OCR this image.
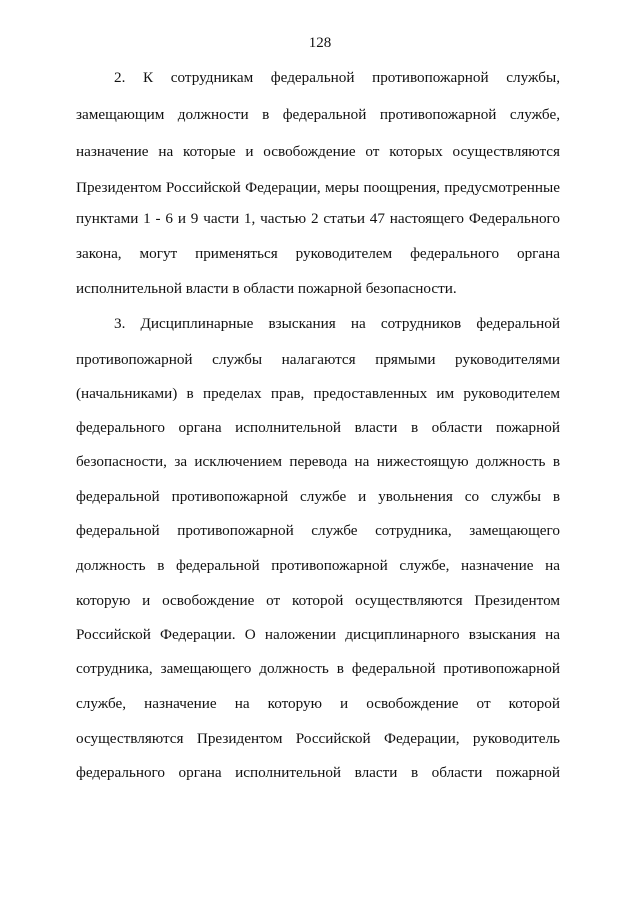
128
2. К сотрудникам федеральной противопожарной службы,
замещающим должности в федеральной противопожарной службе,
назначение на которые и освобождение от которых осуществляются
Президентом Российской Федерации, меры поощрения, предусмотренные
пунктами 1 - 6 и 9 части 1, частью 2 статьи 47 настоящего Федерального
закона, могут применяться руководителем федерального органа
исполнительной власти в области пожарной безопасности.
3. Дисциплинарные взыскания на сотрудников федеральной
противопожарной службы налагаются прямыми руководителями
(начальниками) в пределах прав, предоставленных им руководителем
федерального органа исполнительной власти в области пожарной
безопасности, за исключением перевода на нижестоящую должность в
федеральной противопожарной службе и увольнения со службы в
федеральной противопожарной службе сотрудника, замещающего
должность в федеральной противопожарной службе, назначение на
которую и освобождение от которой осуществляются Президентом
Российской Федерации. О наложении дисциплинарного взыскания на
сотрудника, замещающего должность в федеральной противопожарной
службе, назначение на которую и освобождение от которой
осуществляются Президентом Российской Федерации, руководитель
федерального органа исполнительной власти в области пожарной
